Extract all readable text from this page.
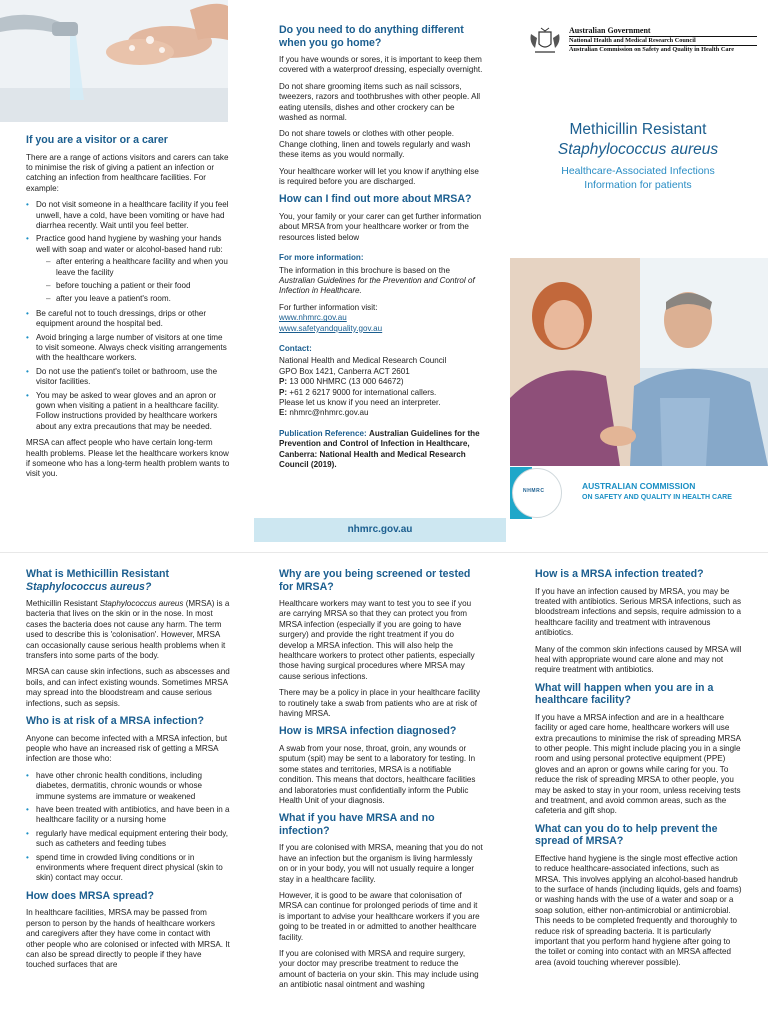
If you are a visitor or a carer

There are a range of actions visitors and carers can take to minimise the risk of giving a patient an infection or catching an infection from healthcare facilities. For example:

• Do not visit someone in a healthcare facility if you feel unwell, have a cold, have been vomiting or have had diarrhea recently. Wait until you feel better.
• Practice good hand hygiene by washing your hands well with soap and water or alcohol-based hand rub:
– after entering a healthcare facility and when you leave the facility
– before touching a patient or their food
– after you leave a patient's room.
• Be careful not to touch dressings, drips or other equipment around the hospital bed.
• Avoid bringing a large number of visitors at one time to visit someone. Always check visiting arrangements with the healthcare workers.
• Do not use the patient's toilet or bathroom, use the visitor facilities.
• You may be asked to wear gloves and an apron or gown when visiting a patient in a healthcare facility. Follow instructions provided by healthcare workers about any extra precautions that may be needed.

MRSA can affect people who have certain long-term health problems. Please let the healthcare workers know if someone who has a long-term health problem wants to visit you.

Do you need to do anything different when you go home?

If you have wounds or sores, it is important to keep them covered with a waterproof dressing, especially overnight.

Do not share grooming items such as nail scissors, tweezers, razors and toothbrushes with other people. All eating utensils, dishes and other crockery can be washed as normal.

Do not share towels or clothes with other people. Change clothing, linen and towels regularly and wash these items as you would normally.

Your healthcare worker will let you know if anything else is required before you are discharged.

How can I find out more about MRSA?

You, your family or your carer can get further information about MRSA from your healthcare worker or from the resources listed below

For more information:

The information in this brochure is based on the Australian Guidelines for the Prevention and Control of Infection in Healthcare.

For further information visit:

www.nhmrc.gov.au
www.safetyandquality.gov.au
Contact:
National Health and Medical Research Council
GPO Box 1421, Canberra ACT 2601
P: 13 000 NHMRC (13 000 64672)
P: +61 2 6217 9000 for international callers.
Please let us know if you need an interpreter.
E: nhmrc@nhmrc.gov.au
Publication Reference: Australian Guidelines for the Prevention and Control of Infection in Healthcare, Canberra: National Health and Medical Research Council (2019).
nhmrc.gov.au
Australian Government
National Health and Medical Research Council
Australian Commission on Safety and Quality in Health Care
Methicillin Resistant
Staphylococcus aureus
Healthcare-Associated Infections
Information for patients
NHMRC	AUSTRALIAN COMMISSION
ON SAFETY AND QUALITY IN HEALTH CARE
What is Methicillin Resistant
Staphylococcus aureus?

Methicillin Resistant Staphylococcus aureus (MRSA) is a bacteria that lives on the skin or in the nose. In most cases the bacteria does not cause any harm. The term used to describe this is 'colonisation'. However, MRSA can occasionally cause serious health problems when it transfers into some parts of the body.

MRSA can cause skin infections, such as abscesses and boils, and can infect existing wounds. Sometimes MRSA may spread into the bloodstream and cause serious infections, such as sepsis.

Who is at risk of a MRSA infection?

Anyone can become infected with a MRSA infection, but people who have an increased risk of getting a MRSA infection are those who:

• have other chronic health conditions, including diabetes, dermatitis, chronic wounds or whose immune systems are immature or weakened
• have been treated with antibiotics, and have been in a healthcare facility or a nursing home
• regularly have medical equipment entering their body, such as catheters and feeding tubes
• spend time in crowded living conditions or in environments where frequent direct physical (skin to skin) contact may occur.
How does MRSA spread?

In healthcare facilities, MRSA may be passed from person to person by the hands of healthcare workers and caregivers after they have come in contact with other people who are colonised or infected with MRSA. It can also be spread directly to people if they have touched surfaces that are

Why are you being screened or tested for MRSA?

Healthcare workers may want to test you to see if you are carrying MRSA so that they can protect you from MRSA infection (especially if you are going to have surgery) and provide the right treatment if you do develop a MRSA infection. This will also help the healthcare workers to protect other patients, especially those having surgical procedures where MRSA may cause serious infections.

There may be a policy in place in your healthcare facility to routinely take a swab from patients who are at risk of having MRSA.

How is MRSA infection diagnosed?

A swab from your nose, throat, groin, any wounds or sputum (spit) may be sent to a laboratory for testing. In some states and territories, MRSA is a notifiable condition. This means that doctors, healthcare facilities and laboratories must confidentially inform the Public Health Unit of your diagnosis.

What if you have MRSA and no infection?

If you are colonised with MRSA, meaning that you do not have an infection but the organism is living harmlessly on or in your body, you will not usually require a longer stay in a healthcare facility.

However, it is good to be aware that colonisation of MRSA can continue for prolonged periods of time and it is important to advise your healthcare workers if you are going to be treated in or admitted to another healthcare facility.

If you are colonised with MRSA and require surgery, your doctor may prescribe treatment to reduce the amount of bacteria on your skin. This may include using an antibiotic nasal ointment and washing

How is a MRSA infection treated?

If you have an infection caused by MRSA, you may be treated with antibiotics. Serious MRSA infections, such as bloodstream infections and sepsis, require admission to a healthcare facility and treatment with intravenous antibiotics.

Many of the common skin infections caused by MRSA will heal with appropriate wound care alone and may not require treatment with antibiotics.

What will happen when you are in a healthcare facility?

If you have a MRSA infection and are in a healthcare facility or aged care home, healthcare workers will use extra precautions to minimise the risk of spreading MRSA to other people. This might include placing you in a single room and using personal protective equipment (PPE) gloves and an apron or gowns while caring for you. To reduce the risk of spreading MRSA to other people, you may be asked to stay in your room, unless receiving tests and treatment, and avoid common areas, such as the cafeteria and gift shop.

What can you do to help prevent the spread of MRSA?

Effective hand hygiene is the single most effective action to reduce healthcare-associated infections, such as MRSA. This involves applying an alcohol-based handrub to the surface of hands (including liquids, gels and foams) or washing hands with the use of a water and soap or a soap solution, either non-antimicrobial or antimicrobial. This needs to be completed frequently and thoroughly to reduce risk of spreading bacteria. It is particularly important that you perform hand hygiene after going to the toilet or coming into contact with an MRSA affected area (avoid touching wherever possible).
